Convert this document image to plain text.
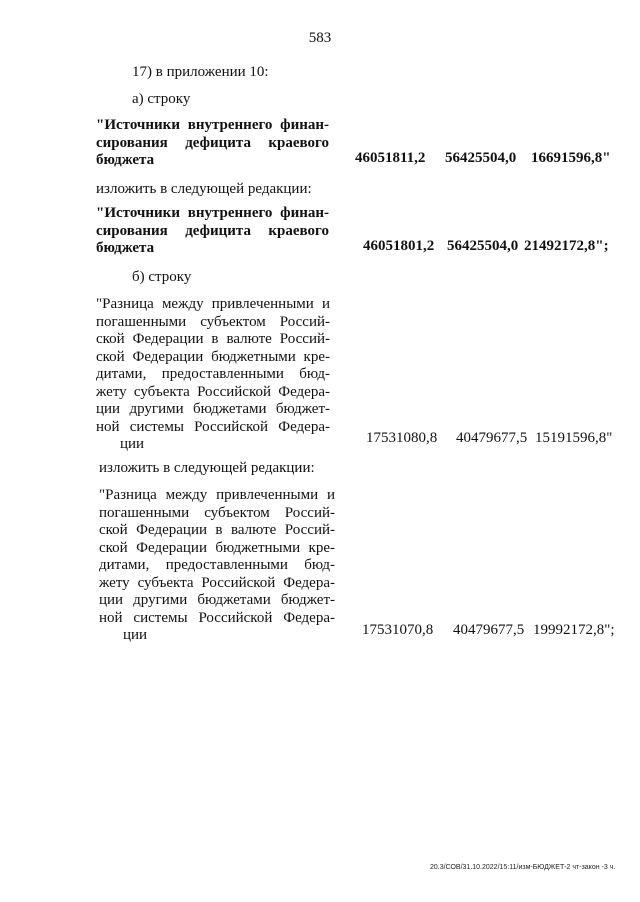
583
17) в приложении 10:
а) строку
"Источники внутреннего финан-
сирования дефицита краевого
бюджета	46051811,2 56425504,0 16691596,8"
изложить в следующей редакции:
"Источники внутреннего финан-
сирования дефицита краевого
бюджета	46051801,2 56425504,0 21492172,8";
б) строку
"Разница между привлеченными и
погашенными субъектом Россий-
ской Федерации в валюте Россий-
ской Федерации бюджетными кре-
дитами, предоставленными бюд-
жету субъекта Российской Федера-
ции другими бюджетами бюджет-
ной системы Российской Федера-
ции	17531080,8 40479677,5 15191596,8"
изложить в следующей редакции:
"Разница между привлеченными и
погашенными субъектом Россий-
ской Федерации в валюте Россий-
ской Федерации бюджетными кре-
дитами, предоставленными бюд-
жету субъекта Российской Федера-
ции другими бюджетами бюджет-
ной системы Российской Федера-
ции	17531070,8 40479677,5 19992172,8";
20.3/СОВ/31.10.2022/15:11/изм-БЮДЖЕТ-2 чт-закон -3 ч.
